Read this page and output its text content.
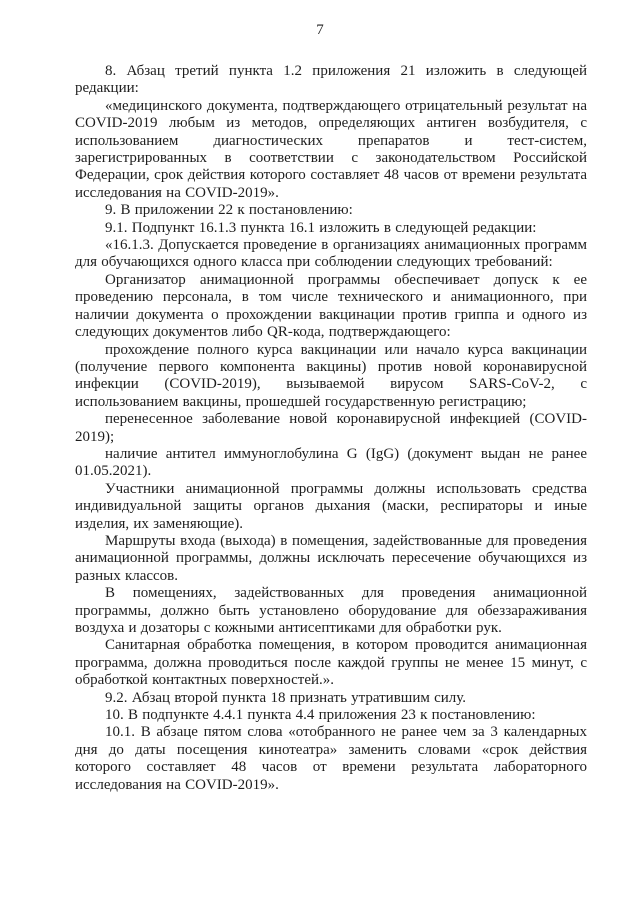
7

8. Абзац третий пункта 1.2 приложения 21 изложить в следующей редакции:

«медицинского документа, подтверждающего отрицательный результат на COVID-2019 любым из методов, определяющих антиген возбудителя, с использованием диагностических препаратов и тест-систем, зарегистрированных в соответствии с законодательством Российской Федерации, срок действия которого составляет 48 часов от времени результата исследования на COVID-2019».

9. В приложении 22 к постановлению:

9.1. Подпункт 16.1.3 пункта 16.1 изложить в следующей редакции:

«16.1.3. Допускается проведение в организациях анимационных программ для обучающихся одного класса при соблюдении следующих требований:

Организатор анимационной программы обеспечивает допуск к ее проведению персонала, в том числе технического и анимационного, при наличии документа о прохождении вакцинации против гриппа и одного из следующих документов либо QR-кода, подтверждающего:

прохождение полного курса вакцинации или начало курса вакцинации (получение первого компонента вакцины) против новой коронавирусной инфекции (COVID-2019), вызываемой вирусом SARS-CoV-2, с использованием вакцины, прошедшей государственную регистрацию;

перенесенное заболевание новой коронавирусной инфекцией (COVID-2019);

наличие антител иммуноглобулина G (IgG) (документ выдан не ранее 01.05.2021).

Участники анимационной программы должны использовать средства индивидуальной защиты органов дыхания (маски, респираторы и иные изделия, их заменяющие).

Маршруты входа (выхода) в помещения, задействованные для проведения анимационной программы, должны исключать пересечение обучающихся из разных классов.

В помещениях, задействованных для проведения анимационной программы, должно быть установлено оборудование для обеззараживания воздуха и дозаторы с кожными антисептиками для обработки рук.

Санитарная обработка помещения, в котором проводится анимационная программа, должна проводиться после каждой группы не менее 15 минут, с обработкой контактных поверхностей.».

9.2. Абзац второй пункта 18 признать утратившим силу.

10. В подпункте 4.4.1 пункта 4.4 приложения 23 к постановлению:

10.1. В абзаце пятом слова «отобранного не ранее чем за 3 календарных дня до даты посещения кинотеатра» заменить словами «срок действия которого составляет 48 часов от времени результата лабораторного исследования на COVID-2019».
